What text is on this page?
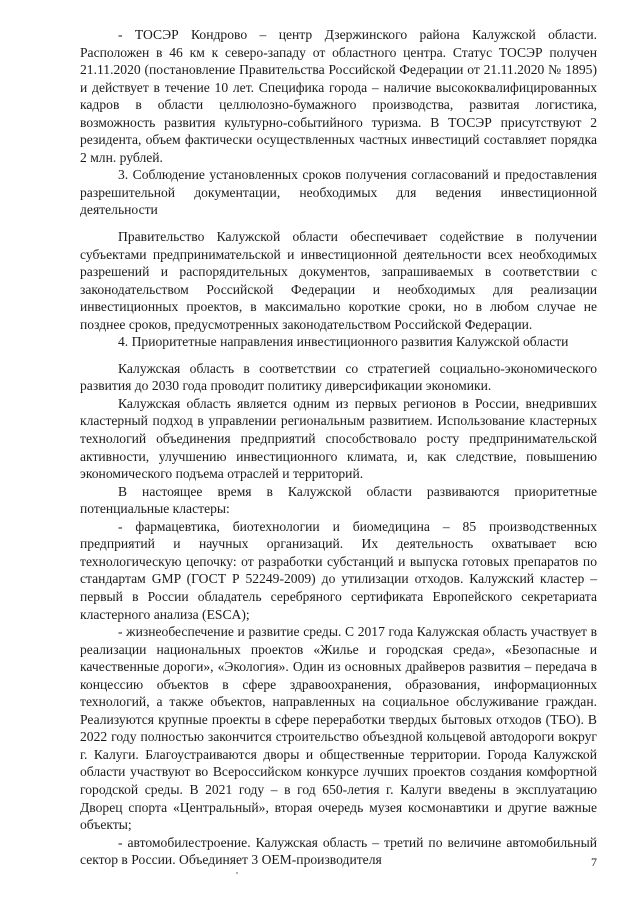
- ТОСЭР Кондрово – центр Дзержинского района Калужской области. Расположен в 46 км к северо-западу от областного центра. Статус ТОСЭР получен 21.11.2020 (постановление Правительства Российской Федерации от 21.11.2020 № 1895) и действует в течение 10 лет. Специфика города – наличие высококвалифицированных кадров в области целлюлозно-бумажного производства, развитая логистика, возможность развития культурно-событийного туризма. В ТОСЭР присутствуют 2 резидента, объем фактически осуществленных частных инвестиций составляет порядка 2 млн. рублей.

3. Соблюдение установленных сроков получения согласований и предоставления разрешительной документации, необходимых для ведения инвестиционной деятельности

Правительство Калужской области обеспечивает содействие в получении субъектами предпринимательской и инвестиционной деятельности всех необходимых разрешений и распорядительных документов, запрашиваемых в соответствии с законодательством Российской Федерации и необходимых для реализации инвестиционных проектов, в максимально короткие сроки, но в любом случае не позднее сроков, предусмотренных законодательством Российской Федерации.

4. Приоритетные направления инвестиционного развития Калужской области

Калужская область в соответствии со стратегией социально-экономического развития до 2030 года проводит политику диверсификации экономики.

Калужская область является одним из первых регионов в России, внедривших кластерный подход в управлении региональным развитием. Использование кластерных технологий объединения предприятий способствовало росту предпринимательской активности, улучшению инвестиционного климата, и, как следствие, повышению экономического подъема отраслей и территорий.

В настоящее время в Калужской области развиваются приоритетные потенциальные кластеры:

- фармацевтика, биотехнологии и биомедицина – 85 производственных предприятий и научных организаций. Их деятельность охватывает всю технологическую цепочку: от разработки субстанций и выпуска готовых препаратов по стандартам GMP (ГОСТ Р 52249-2009) до утилизации отходов. Калужский кластер – первый в России обладатель серебряного сертификата Европейского секретариата кластерного анализа (ESCA);

- жизнеобеспечение и развитие среды. С 2017 года Калужская область участвует в реализации национальных проектов «Жилье и городская среда», «Безопасные и качественные дороги», «Экология». Один из основных драйверов развития – передача в концессию объектов в сфере здравоохранения, образования, информационных технологий, а также объектов, направленных на социальное обслуживание граждан. Реализуются крупные проекты в сфере переработки твердых бытовых отходов (ТБО). В 2022 году полностью закончится строительство объездной кольцевой автодороги вокруг г. Калуги. Благоустраиваются дворы и общественные территории. Города Калужской области участвуют во Всероссийском конкурсе лучших проектов создания комфортной городской среды. В 2021 году – в год 650-летия г. Калуги введены в эксплуатацию Дворец спорта «Центральный», вторая очередь музея космонавтики и другие важные объекты;

- автомобилестроение. Калужская область – третий по величине автомобильный сектор в России. Объединяет 3 OEM-производителя	7
